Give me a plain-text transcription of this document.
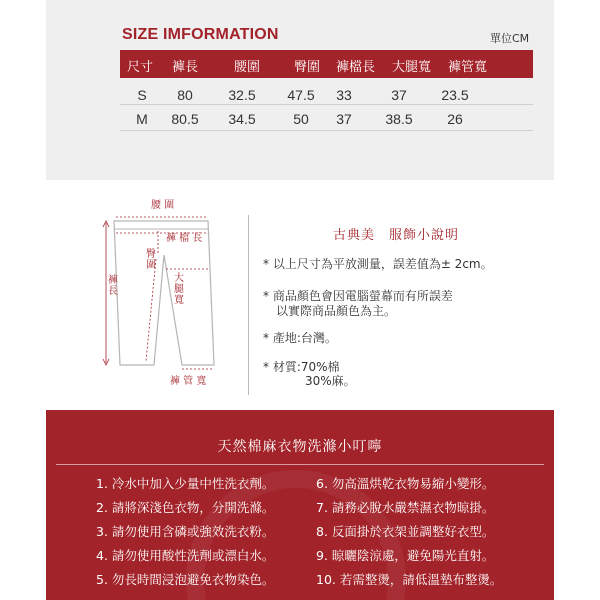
SIZE IMFORMATION	單位CM
尺寸 褲長	腰圍	臀圍 褲檔長 大腿寬 褲管寬
S 80	32.5 47.5 33	37 23.5
M 80.5 34.5	50 37 38.5 26
腰 圍
褲 檔 長
臀圍
大腿寬
褲長
褲 管 寬
古典美　服飾小說明
* 以上尺寸為平放測量，誤差值為± 2cm。
* 商品顏色會因電腦螢幕而有所誤差
以實際商品顏色為主。
* 產地:台灣。
* 材質:70%棉
30%麻。
天然棉麻衣物洗滌小叮嚀
1. 冷水中加入少量中性洗衣劑。
2. 請將深淺色衣物，分開洗滌。
3. 請勿使用含磷或強效洗衣粉。
4. 請勿使用酸性洗劑或漂白水。
5. 勿長時間浸泡避免衣物染色。
6. 勿高溫烘乾衣物易縮小變形。
7. 請務必脫水嚴禁濕衣物晾掛。
8. 反面掛於衣架並調整好衣型。
9. 晾曬陰涼處，避免陽光直射。
10. 若需整燙，請低溫墊布整燙。
